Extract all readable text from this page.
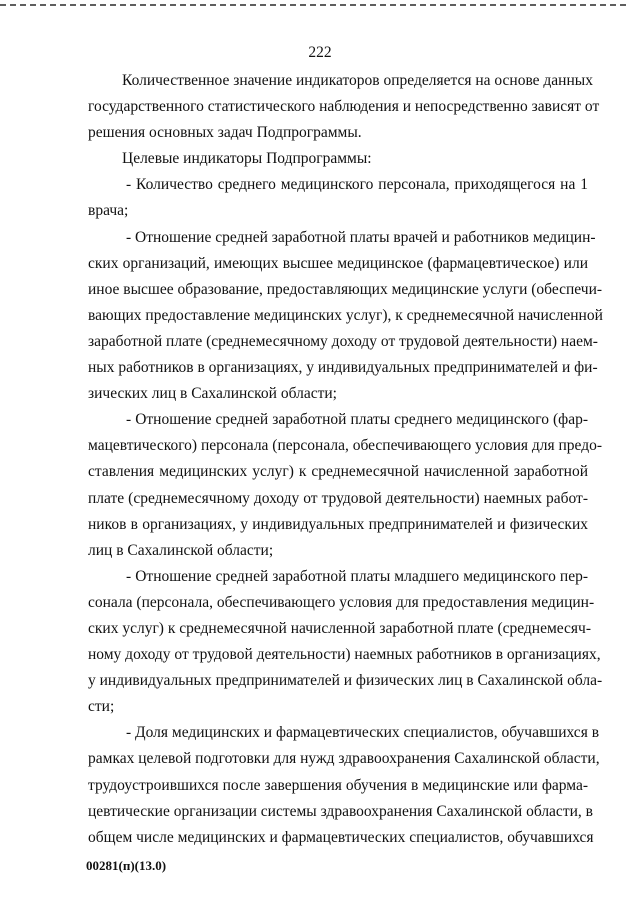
222
Количественное значение индикаторов определяется на основе данных
государственного статистического наблюдения и непосредственно зависят от
решения основных задач Подпрограммы.
Целевые индикаторы Подпрограммы:
- Количество среднего медицинского персонала, приходящегося на 1
врача;
- Отношение средней заработной платы врачей и работников медицин-
ских организаций, имеющих высшее медицинское (фармацевтическое) или
иное высшее образование, предоставляющих медицинские услуги (обеспечи-
вающих предоставление медицинских услуг), к среднемесячной начисленной
заработной плате (среднемесячному доходу от трудовой деятельности) наем-
ных работников в организациях, у индивидуальных предпринимателей и фи-
зических лиц в Сахалинской области;
- Отношение средней заработной платы среднего медицинского (фар-
мацевтического) персонала (персонала, обеспечивающего условия для предо-
ставления медицинских услуг) к среднемесячной начисленной заработной
плате (среднемесячному доходу от трудовой деятельности) наемных работ-
ников в организациях, у индивидуальных предпринимателей и физических
лиц в Сахалинской области;
- Отношение средней заработной платы младшего медицинского пер-
сонала (персонала, обеспечивающего условия для предоставления медицин-
ских услуг) к среднемесячной начисленной заработной плате (среднемесяч-
ному доходу от трудовой деятельности) наемных работников в организациях,
у индивидуальных предпринимателей и физических лиц в Сахалинской обла-
сти;
- Доля медицинских и фармацевтических специалистов, обучавшихся в
рамках целевой подготовки для нужд здравоохранения Сахалинской области,
трудоустроившихся после завершения обучения в медицинские или фарма-
цевтические организации системы здравоохранения Сахалинской области, в
общем числе медицинских и фармацевтических специалистов, обучавшихся
00281(п)(13.0)
